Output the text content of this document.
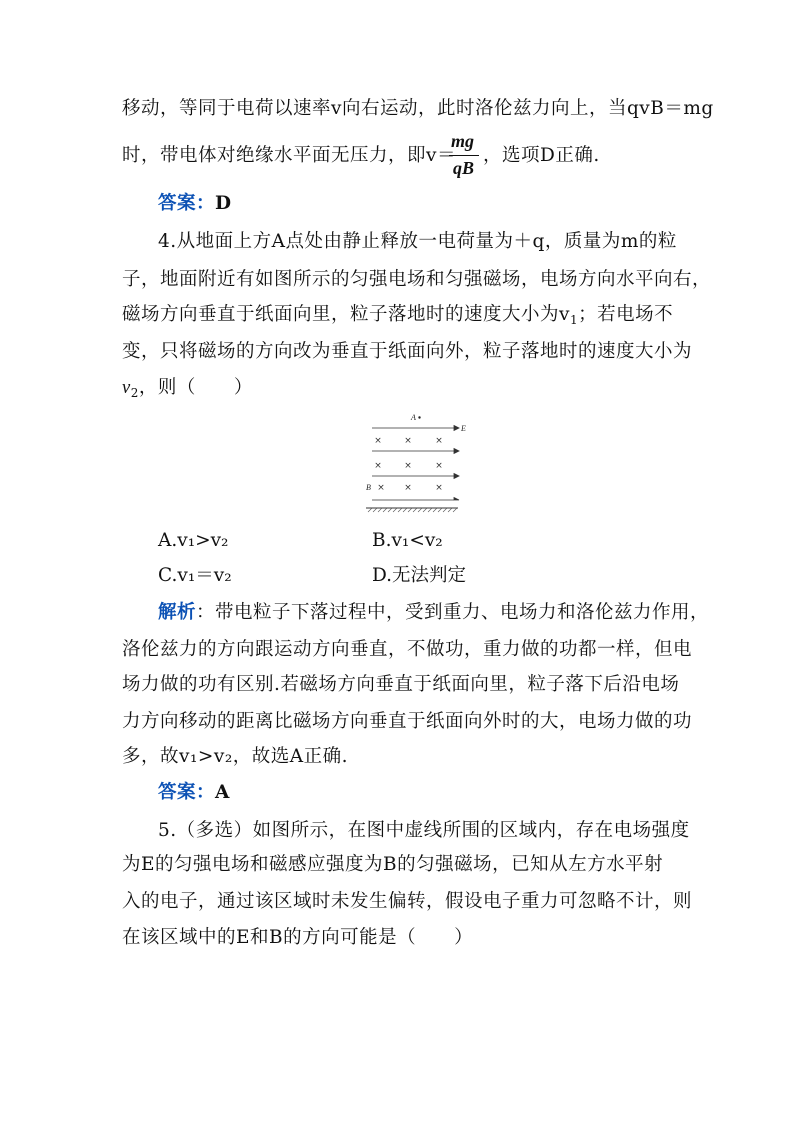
移动，等同于电荷以速率v向右运动，此时洛伦兹力向上，当qvB＝mg
时，带电体对绝缘水平面无压力，即v＝
mg
qB
，选项D正确.
答案：D
4.从地面上方A点处由静止释放一电荷量为＋q，质量为m的粒
子，地面附近有如图所示的匀强电场和匀强磁场，电场方向水平向右，
磁场方向垂直于纸面向里，粒子落地时的速度大小为$v_1$；若电场不
变，只将磁场的方向改为垂直于纸面向外，粒子落地时的速度大小为
$v_2$，则（　　）
A
E
B
× ×	×
× ×	×
× ×	×
A.v₁>v₂	B.v₁<v₂
C.v₁＝v₂	D.无法判定
解析：带电粒子下落过程中，受到重力、电场力和洛伦兹力作用，
洛伦兹力的方向跟运动方向垂直，不做功，重力做的功都一样，但电
场力做的功有区别.若磁场方向垂直于纸面向里，粒子落下后沿电场
力方向移动的距离比磁场方向垂直于纸面向外时的大，电场力做的功
多，故v₁>v₂，故选A正确.
答案：A
5.（多选）如图所示，在图中虚线所围的区域内，存在电场强度
为E的匀强电场和磁感应强度为B的匀强磁场，已知从左方水平射
入的电子，通过该区域时未发生偏转，假设电子重力可忽略不计，则
在该区域中的E和B的方向可能是（　　）
